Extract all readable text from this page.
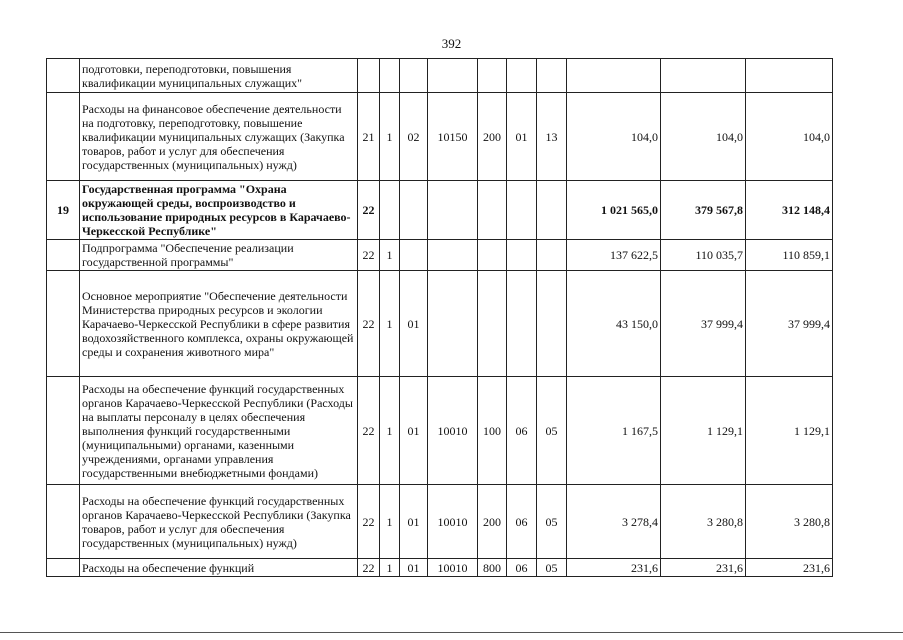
392
	подготовки, переподготовки, повышения квалификации муниципальных служащих"										
	Расходы на финансовое обеспечение деятельности на подготовку, переподготовку, повышение квалификации муниципальных служащих (Закупка товаров, работ и услуг для обеспечения государственных (муниципальных) нужд)	21	1	02	10150	200	01	13	104,0	104,0	104,0
19	Государственная программа "Охрана окружающей среды, воспроизводство и использование природных ресурсов в Карачаево-Черкесской Республике"	22							1 021 565,0	379 567,8	312 148,4
	Подпрограмма "Обеспечение реализации государственной программы"	22	1						137 622,5	110 035,7	110 859,1
	Основное мероприятие "Обеспечение деятельности Министерства природных ресурсов и экологии Карачаево-Черкесской Республики в сфере развития водохозяйственного комплекса, охраны окружающей среды и сохранения животного мира"	22	1	01					43 150,0	37 999,4	37 999,4
	Расходы на обеспечение функций государственных органов Карачаево-Черкесской Республики (Расходы на выплаты персоналу в целях обеспечения выполнения функций государственными (муниципальными) органами, казенными учреждениями, органами управления государственными внебюджетными фондами)	22	1	01	10010	100	06	05	1 167,5	1 129,1	1 129,1
	Расходы на обеспечение функций государственных органов Карачаево-Черкесской Республики (Закупка товаров, работ и услуг для обеспечения государственных (муниципальных) нужд)	22	1	01	10010	200	06	05	3 278,4	3 280,8	3 280,8
	Расходы на обеспечение функций	22	1	01	10010	800	06	05	231,6	231,6	231,6
